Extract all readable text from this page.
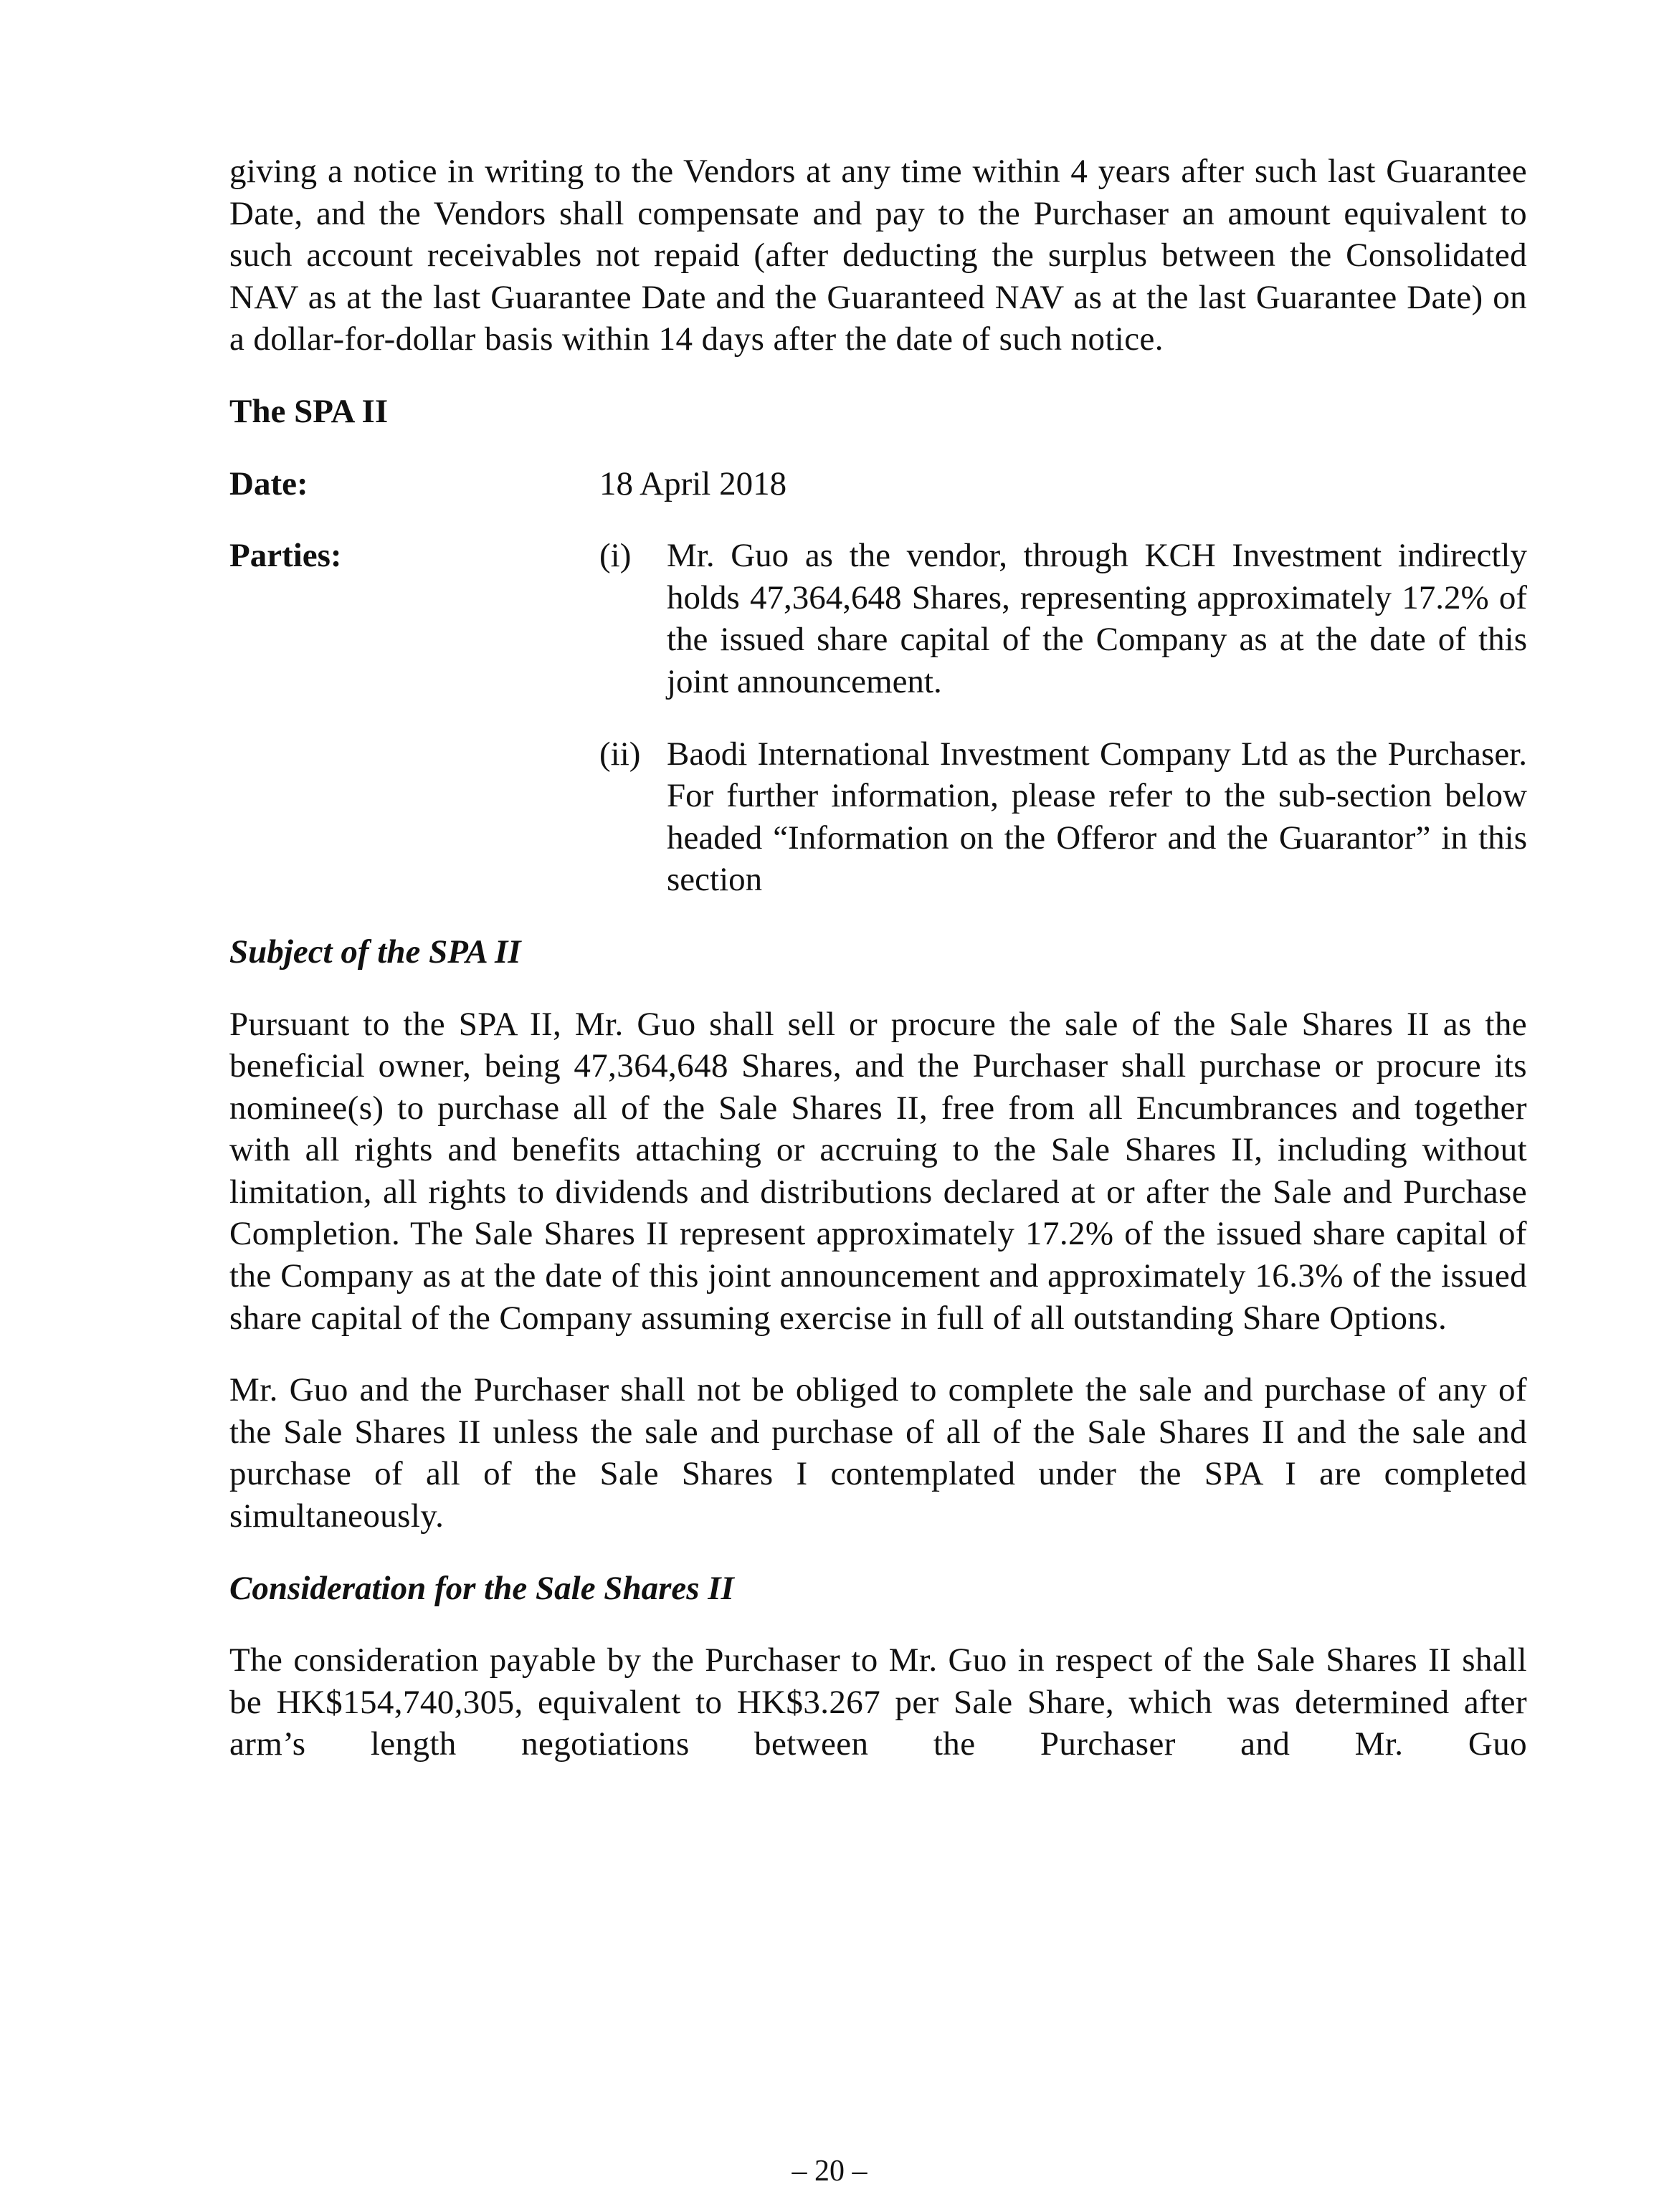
giving a notice in writing to the Vendors at any time within 4 years after such last Guarantee Date, and the Vendors shall compensate and pay to the Purchaser an amount equivalent to such account receivables not repaid (after deducting the surplus between the Consolidated NAV as at the last Guarantee Date and the Guaranteed NAV as at the last Guarantee Date) on a dollar-for-dollar basis within 14 days after the date of such notice.

The SPA II

Date:	18 April 2018
Parties:	(i) Mr. Guo as the vendor, through KCH Investment indirectly holds 47,364,648 Shares, representing approximately 17.2% of the issued share capital of the Company as at the date of this joint announcement.
(ii) Baodi International Investment Company Ltd as the Purchaser. For further information, please refer to the sub-section below headed “Information on the Offeror and the Guarantor” in this section

Subject of the SPA II

Pursuant to the SPA II, Mr. Guo shall sell or procure the sale of the Sale Shares II as the beneficial owner, being 47,364,648 Shares, and the Purchaser shall purchase or procure its nominee(s) to purchase all of the Sale Shares II, free from all Encumbrances and together with all rights and benefits attaching or accruing to the Sale Shares II, including without limitation, all rights to dividends and distributions declared at or after the Sale and Purchase Completion. The Sale Shares II represent approximately 17.2% of the issued share capital of the Company as at the date of this joint announcement and approximately 16.3% of the issued share capital of the Company assuming exercise in full of all outstanding Share Options.

Mr. Guo and the Purchaser shall not be obliged to complete the sale and purchase of any of the Sale Shares II unless the sale and purchase of all of the Sale Shares II and the sale and purchase of all of the Sale Shares I contemplated under the SPA I are completed simultaneously.

Consideration for the Sale Shares II

The consideration payable by the Purchaser to Mr. Guo in respect of the Sale Shares II shall be HK$154,740,305, equivalent to HK$3.267 per Sale Share, which was determined after arm’s length negotiations between the Purchaser and Mr. Guo

– 20 –
